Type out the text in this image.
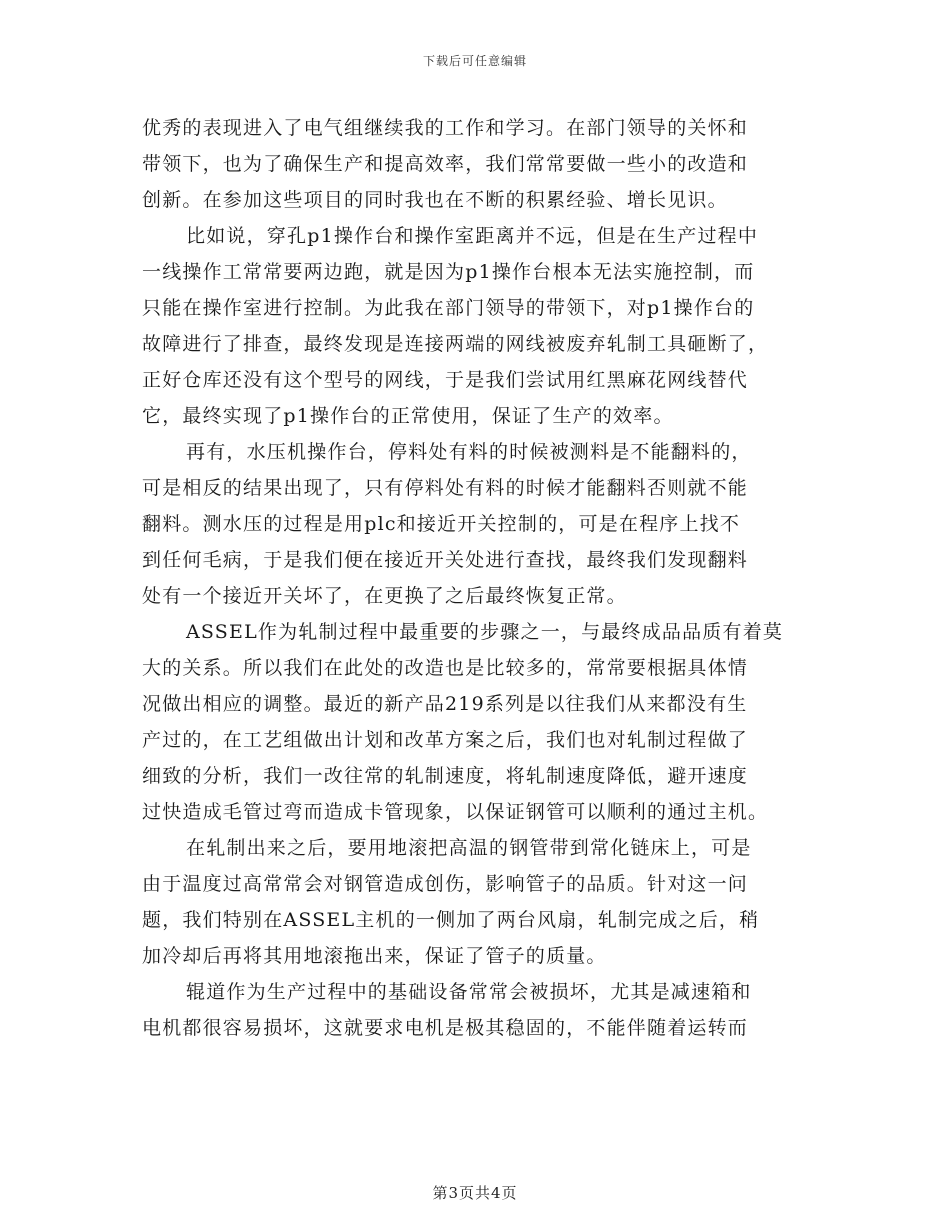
下载后可任意编辑
优秀的表现进入了电气组继续我的工作和学习。在部门领导的关怀和
带领下，也为了确保生产和提高效率，我们常常要做一些小的改造和
创新。在参加这些项目的同时我也在不断的积累经验、增长见识。
比如说，穿孔p1操作台和操作室距离并不远，但是在生产过程中
一线操作工常常要两边跑，就是因为p1操作台根本无法实施控制，而
只能在操作室进行控制。为此我在部门领导的带领下，对p1操作台的
故障进行了排查，最终发现是连接两端的网线被废弃轧制工具砸断了，
正好仓库还没有这个型号的网线，于是我们尝试用红黑麻花网线替代
它，最终实现了p1操作台的正常使用，保证了生产的效率。
再有，水压机操作台，停料处有料的时候被测料是不能翻料的，
可是相反的结果出现了，只有停料处有料的时候才能翻料否则就不能
翻料。测水压的过程是用plc和接近开关控制的，可是在程序上找不
到任何毛病，于是我们便在接近开关处进行查找，最终我们发现翻料
处有一个接近开关坏了，在更换了之后最终恢复正常。
ASSEL作为轧制过程中最重要的步骤之一，与最终成品品质有着莫
大的关系。所以我们在此处的改造也是比较多的，常常要根据具体情
况做出相应的调整。最近的新产品219系列是以往我们从来都没有生
产过的，在工艺组做出计划和改革方案之后，我们也对轧制过程做了
细致的分析，我们一改往常的轧制速度，将轧制速度降低，避开速度
过快造成毛管过弯而造成卡管现象，以保证钢管可以顺利的通过主机。
在轧制出来之后，要用地滚把高温的钢管带到常化链床上，可是
由于温度过高常常会对钢管造成创伤，影响管子的品质。针对这一问
题，我们特别在ASSEL主机的一侧加了两台风扇，轧制完成之后，稍
加冷却后再将其用地滚拖出来，保证了管子的质量。
辊道作为生产过程中的基础设备常常会被损坏，尤其是减速箱和
电机都很容易损坏，这就要求电机是极其稳固的，不能伴随着运转而
第3页共4页
